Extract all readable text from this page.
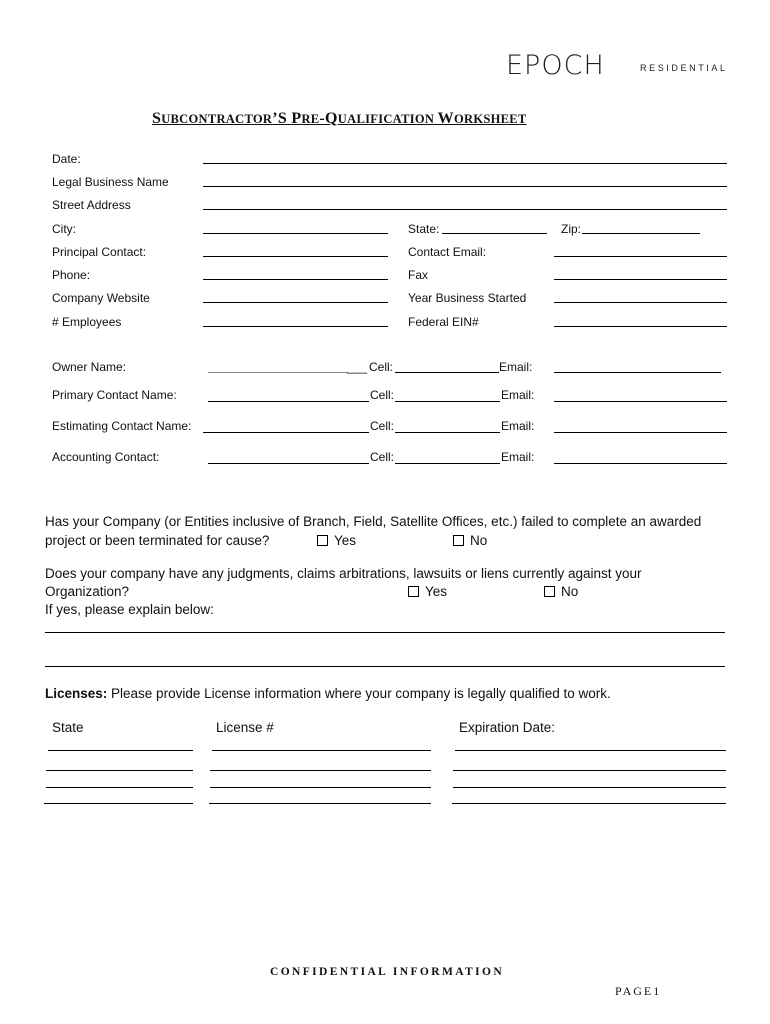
EPOCH	RESIDENTIAL
SUBCONTRACTOR’S PRE-QUALIFICATION WORKSHEET
Date:
Legal Business Name
Street Address
City:	State:	Zip:
Principal Contact:	Contact Email:
Phone:	Fax
Company Website	Year Business Started
# Employees	Federal EIN#
Owner Name:	___ Cell:	Email:
Primary Contact Name:	Cell:	Email:
Estimating Contact Name:	Cell:	Email:
Accounting Contact:	Cell:	Email:
Has your Company (or Entities inclusive of Branch, Field, Satellite Offices, etc.) failed to complete an awarded
project or been terminated for cause?	Yes	No
Does your company have any judgments, claims arbitrations, lawsuits or liens currently against your
Organization?	Yes	No
If yes, please explain below:
Licenses: Please provide License information where your company is legally qualified to work.
State	License #	Expiration Date:
CONFIDENTIAL INFORMATION
PAGE1
